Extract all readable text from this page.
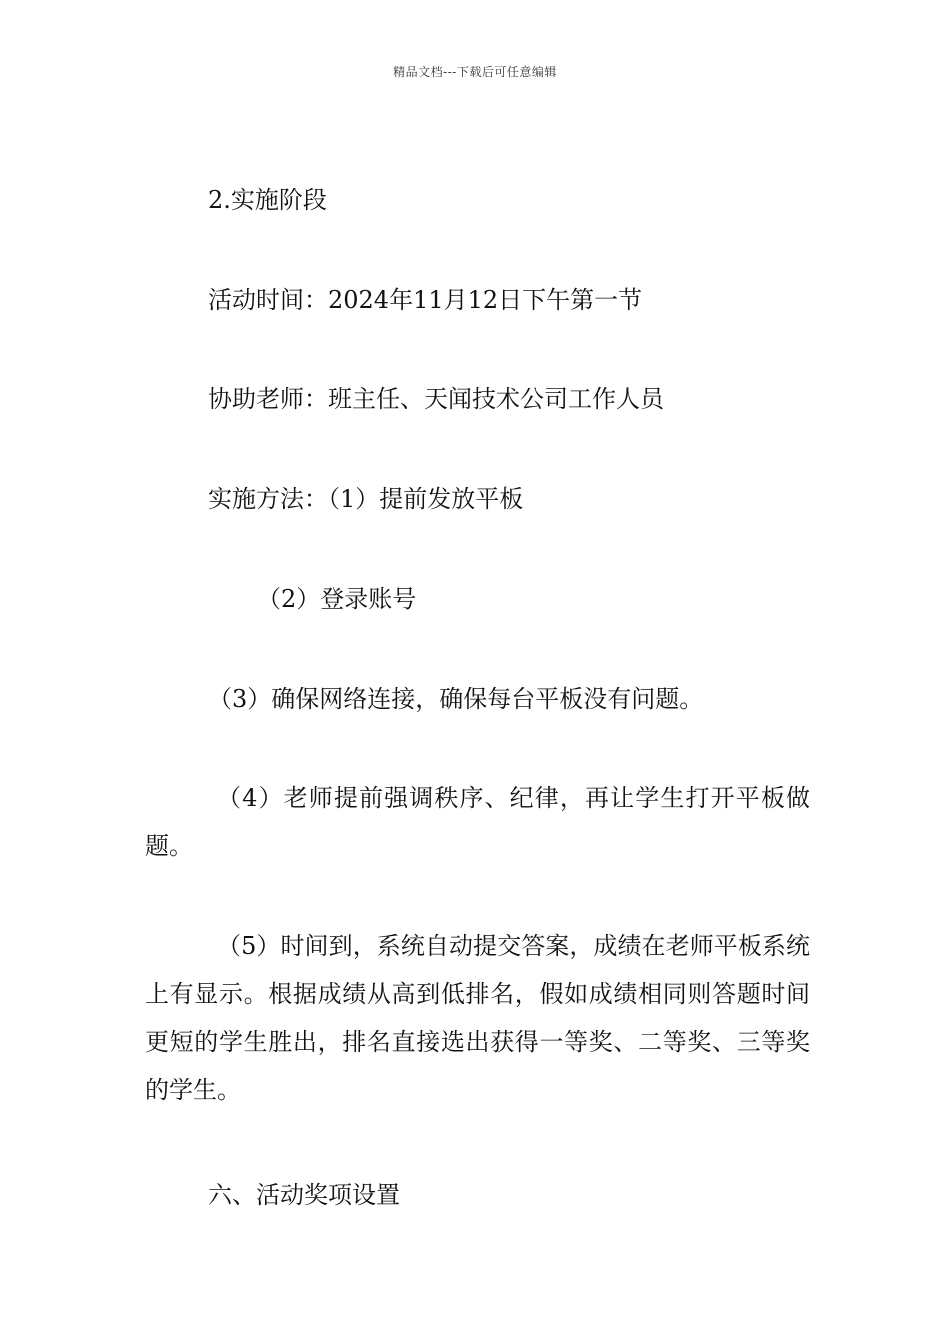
精品文档---下载后可任意编辑
2.实施阶段
活动时间：2024年11月12日下午第一节
协助老师：班主任、天闻技术公司工作人员
实施方法：（1）提前发放平板
（2）登录账号
（3）确保网络连接，确保每台平板没有问题。
（4）老师提前强调秩序、纪律，再让学生打开平板做题。
（5）时间到，系统自动提交答案，成绩在老师平板系统上有显示。根据成绩从高到低排名，假如成绩相同则答题时间更短的学生胜出，排名直接选出获得一等奖、二等奖、三等奖的学生。
六、活动奖项设置
